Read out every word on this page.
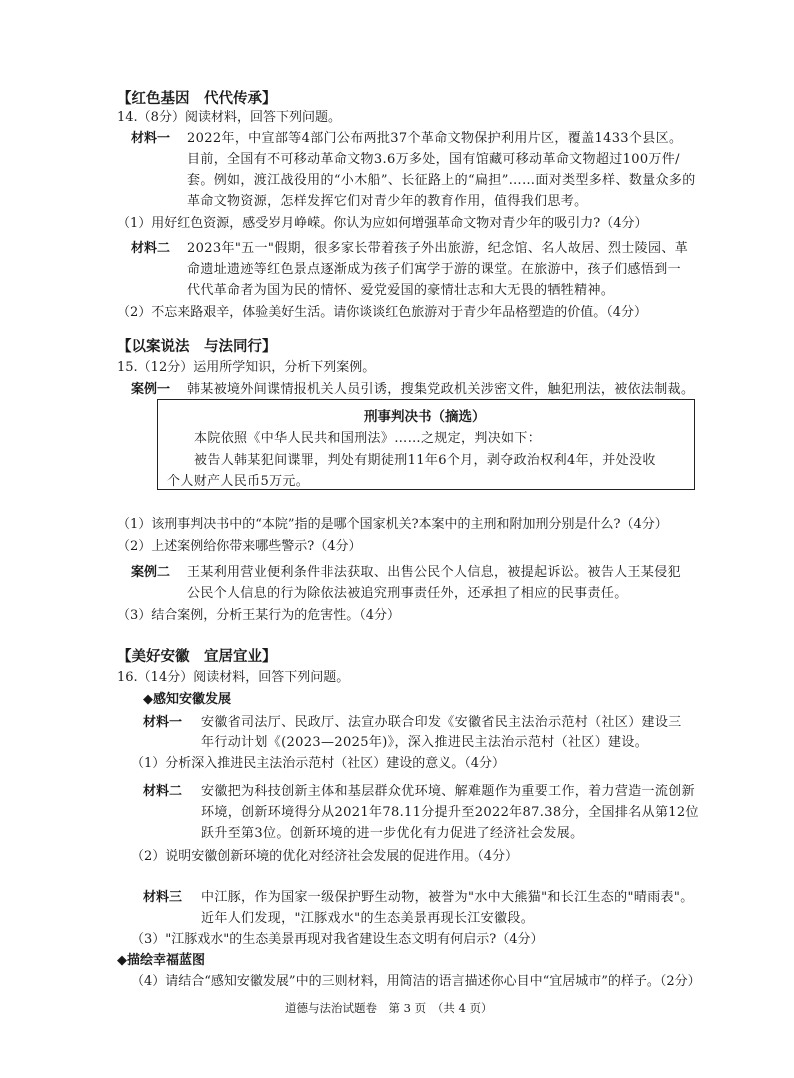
【红色基因　代代传承】
14.（8分）阅读材料，回答下列问题。
材料一 2022年，中宣部等4部门公布两批37个革命文物保护利用片区，覆盖1433个县区。
目前，全国有不可移动革命文物3.6万多处，国有馆藏可移动革命文物超过100万件/
套。例如，渡江战役用的“小木船”、长征路上的“扁担”……面对类型多样、数量众多的
革命文物资源，怎样发挥它们对青少年的教育作用，值得我们思考。
（1）用好红色资源，感受岁月峥嵘。你认为应如何增强革命文物对青少年的吸引力?（4分）
材料二 2023年"五一"假期，很多家长带着孩子外出旅游，纪念馆、名人故居、烈士陵园、革
命遗址遗迹等红色景点逐渐成为孩子们寓学于游的课堂。在旅游中，孩子们感悟到一
代代革命者为国为民的情怀、爱党爱国的豪情壮志和大无畏的牺牲精神。
（2）不忘来路艰辛，体验美好生活。请你谈谈红色旅游对于青少年品格塑造的价值。（4分）
【以案说法　与法同行】
15.（12分）运用所学知识，分析下列案例。
案例一 韩某被境外间谍情报机关人员引诱，搜集党政机关涉密文件，触犯刑法，被依法制裁。
刑事判决书（摘选）
本院依照《中华人民共和国刑法》……之规定，判决如下：
被告人韩某犯间谍罪，判处有期徒刑11年6个月，剥夺政治权利4年，并处没收
个人财产人民币5万元。
（1）该刑事判决书中的“本院”指的是哪个国家机关?本案中的主刑和附加刑分别是什么?（4分）
（2）上述案例给你带来哪些警示?（4分）
案例二 王某利用营业便利条件非法获取、出售公民个人信息，被提起诉讼。被告人王某侵犯
公民个人信息的行为除依法被追究刑事责任外，还承担了相应的民事责任。
（3）结合案例，分析王某行为的危害性。（4分）
【美好安徽　宜居宜业】
16.（14分）阅读材料，回答下列问题。
◆感知安徽发展
材料一 安徽省司法厅、民政厅、法宣办联合印发《安徽省民主法治示范村（社区）建设三
年行动计划《(2023—2025年)》，深入推进民主法治示范村（社区）建设。
（1）分析深入推进民主法治示范村（社区）建设的意义。（4分）
材料二 安徽把为科技创新主体和基层群众优环境、解难题作为重要工作，着力营造一流创新
环境，创新环境得分从2021年78.11分提升至2022年87.38分，全国排名从第12位
跃升至第3位。创新环境的进一步优化有力促进了经济社会发展。
（2）说明安徽创新环境的优化对经济社会发展的促进作用。（4分）
材料三 中江豚，作为国家一级保护野生动物，被誉为"水中大熊猫"和长江生态的"晴雨表"。
近年人们发现，"江豚戏水"的生态美景再现长江安徽段。
（3）"江豚戏水"的生态美景再现对我省建设生态文明有何启示?（4分）
◆描绘幸福蓝图
（4）请结合“感知安徽发展”中的三则材料，用简洁的语言描述你心目中“宜居城市”的样子。（2分）
道德与法治试题卷　第 3 页　（共 4 页）
